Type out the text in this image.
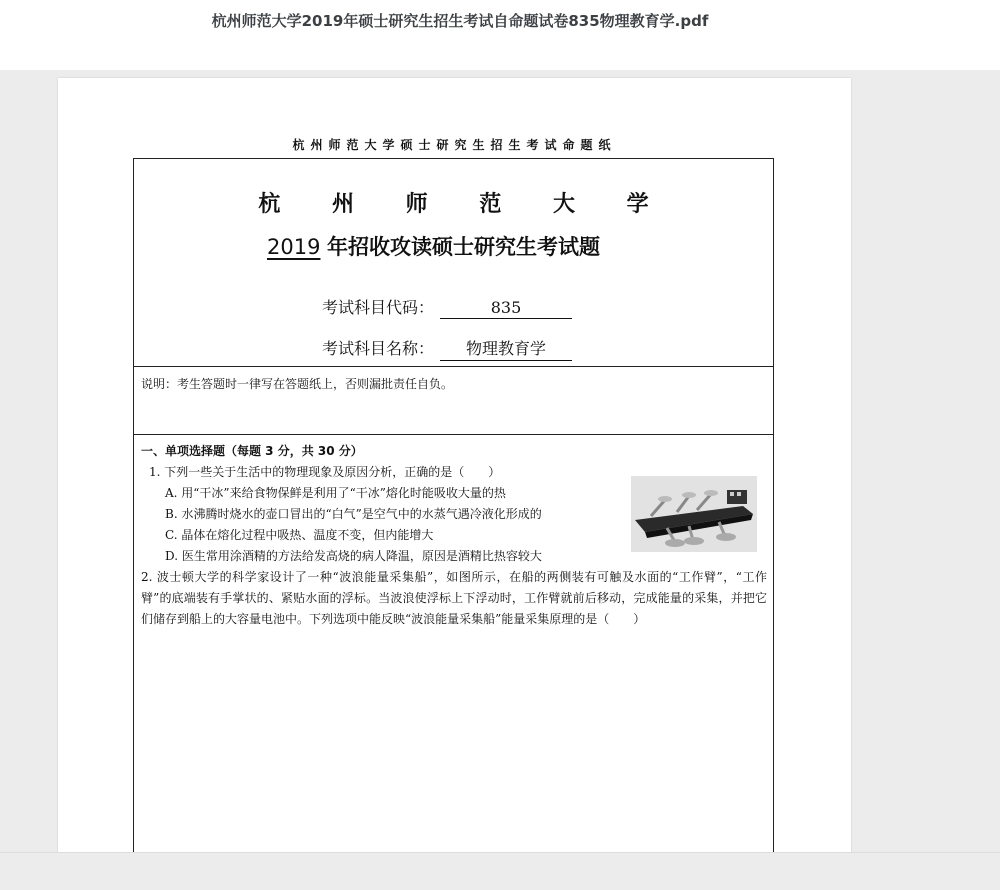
杭州师范大学2019年硕士研究生招生考试自命题试卷835物理教育学.pdf
杭州师范大学硕士研究生招生考试命题纸
杭 州 师 范 大 学
2019 年招收攻读硕士研究生考试题
考试科目代码：	835
考试科目名称： 物理教育学
说明：考生答题时一律写在答题纸上，否则漏批责任自负。
一、单项选择题（每题 3 分，共 30 分）
1. 下列一些关于生活中的物理现象及原因分析，正确的是（　　）
A. 用“干冰”来给食物保鲜是利用了“干冰”熔化时能吸收大量的热
B. 水沸腾时烧水的壶口冒出的“白气”是空气中的水蒸气遇冷液化形成的
C. 晶体在熔化过程中吸热、温度不变，但内能增大
D. 医生常用涂酒精的方法给发高烧的病人降温，原因是酒精比热容较大
2. 波士顿大学的科学家设计了一种“波浪能量采集船”，如图所示，在船的两侧装有可触及水面的“工作臂”，“工作臂”的底端装有手掌状的、紧贴水面的浮标。当波浪使浮标上下浮动时，工作臂就前后移动，完成能量的采集，并把它们储存到船上的大容量电池中。下列选项中能反映“波浪能量采集船”能量采集原理的是（　　）
